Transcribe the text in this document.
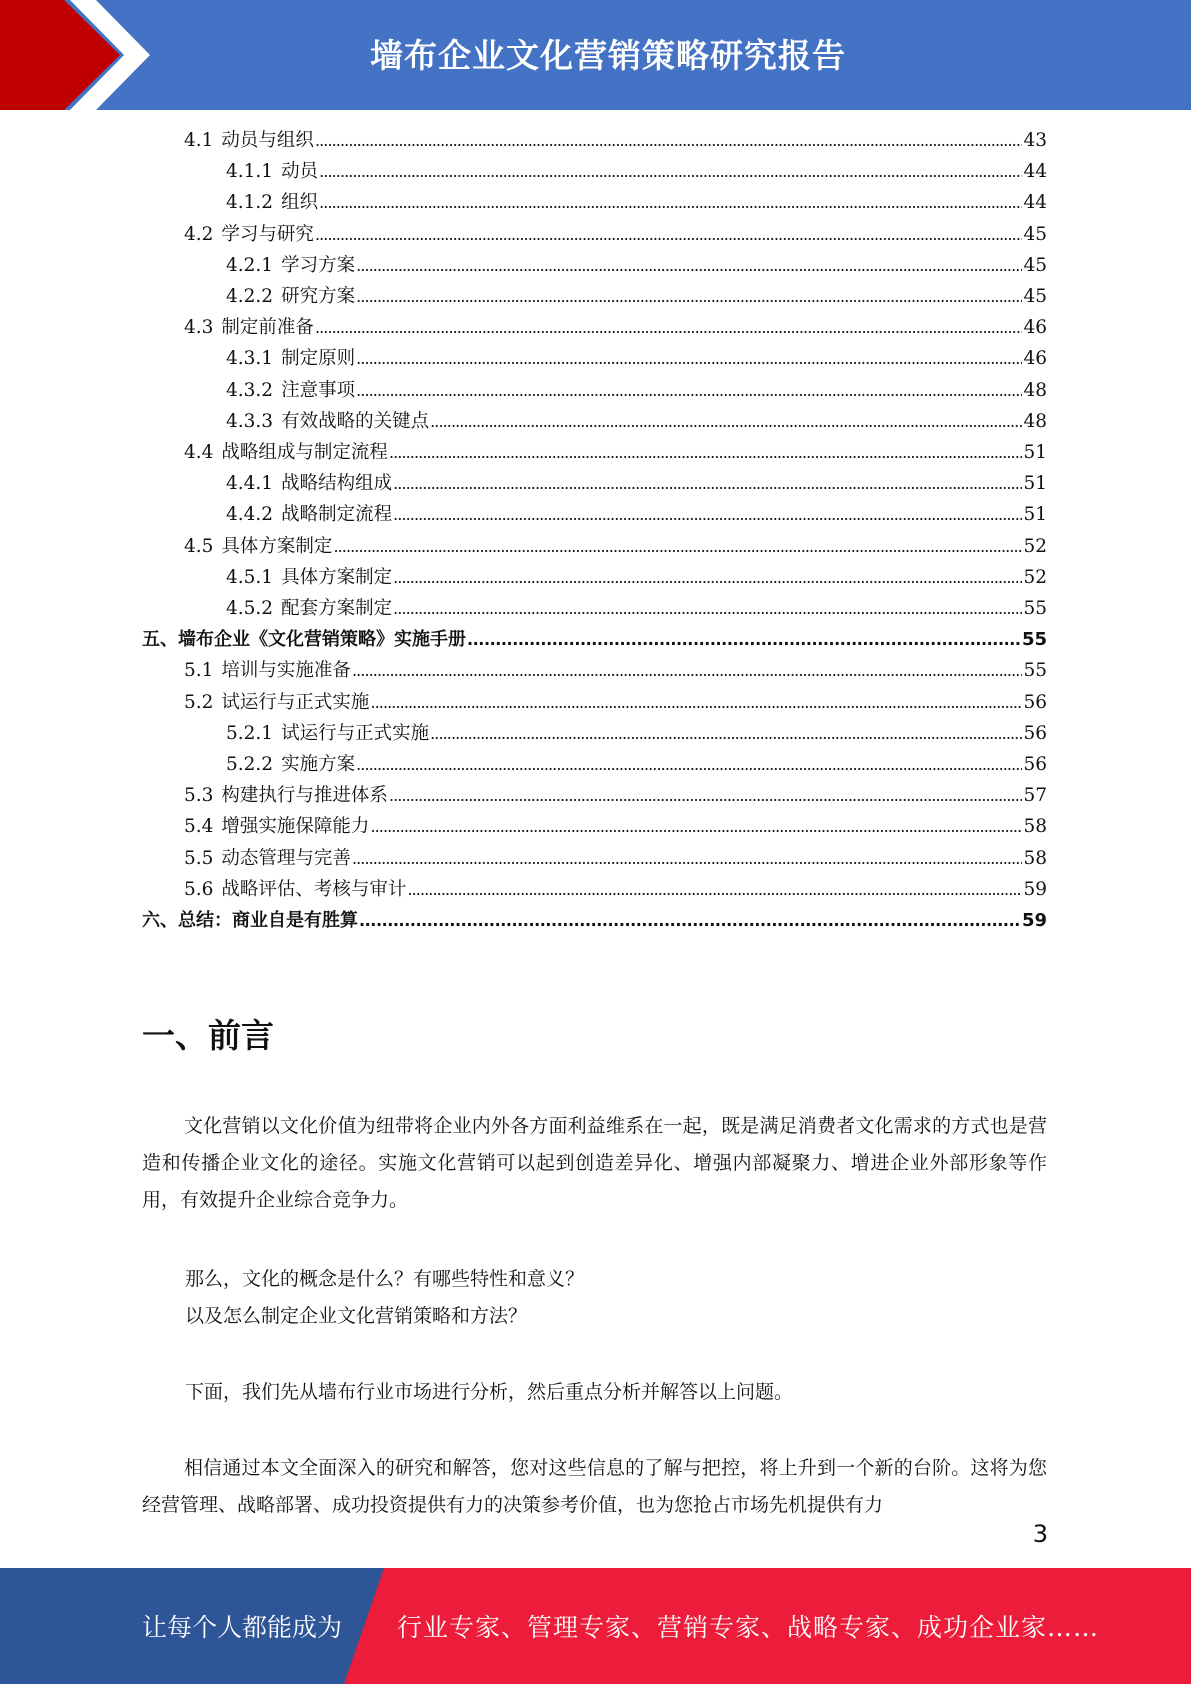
墙布企业文化营销策略研究报告
4.1 动员与组织 . . .	43
4.1.1 动员 . . .	44
4.1.2 组织 . . .	44
4.2 学习与研究 . . .	45
4.2.1 学习方案 . . .	45
4.2.2 研究方案 . . .	45
4.3 制定前准备 . . .	46
4.3.1 制定原则 . . .	46
4.3.2 注意事项 . . .	48
4.3.3 有效战略的关键点 . . .	48
4.4 战略组成与制定流程 . . .	51
4.4.1 战略结构组成 . . .	51
4.4.2 战略制定流程 . . .	51
4.5 具体方案制定 . . .	52
4.5.1 具体方案制定 . . .	52
4.5.2 配套方案制定 . . .	55
五、墙布企业《文化营销策略》实施手册 . . .	55
5.1 培训与实施准备 . . .	55
5.2 试运行与正式实施 . . .	56
5.2.1 试运行与正式实施 . . .	56
5.2.2 实施方案 . . .	56
5.3 构建执行与推进体系 . . .	57
5.4 增强实施保障能力 . . .	58
5.5 动态管理与完善 . . .	58
5.6 战略评估、考核与审计 . . .	59
六、总结：商业自是有胜算 . . .	59
一、前言
文化营销以文化价值为纽带将企业内外各方面利益维系在一起，既是满足消费者文化需求的方式也是营造和传播企业文化的途径。实施文化营销可以起到创造差异化、增强内部凝聚力、增进企业外部形象等作用，有效提升企业综合竞争力。
那么，文化的概念是什么？有哪些特性和意义？
以及怎么制定企业文化营销策略和方法？
下面，我们先从墙布行业市场进行分析，然后重点分析并解答以上问题。
相信通过本文全面深入的研究和解答，您对这些信息的了解与把控，将上升到一个新的台阶。这将为您经营管理、战略部署、成功投资提供有力的决策参考价值，也为您抢占市场先机提供有力
3
让每个人都能成为 行业专家、管理专家、营销专家、战略专家、成功企业家……
